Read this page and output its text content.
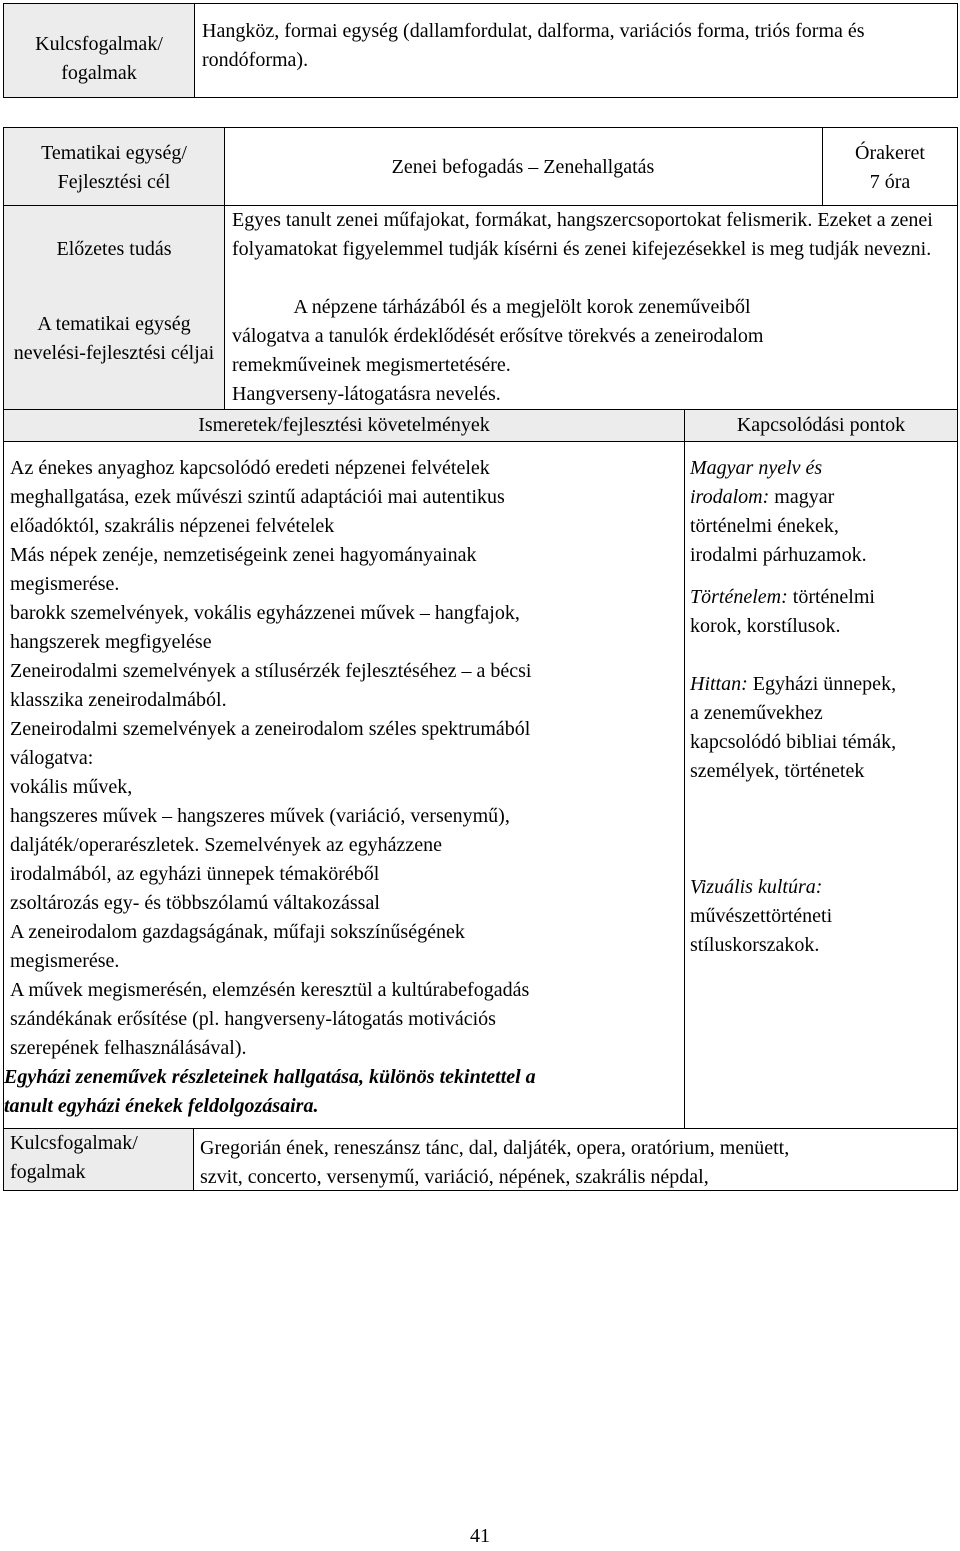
Kulcsfogalmak/ fogalmak
Hangköz, formai egység (dallamfordulat, dalforma, variációs forma, triós forma és rondóforma).
Tematikai egység/ Fejlesztési cél
Zenei befogadás – Zenehallgatás
Órakeret
7 óra
Előzetes tudás
Egyes tanult zenei műfajokat, formákat, hangszercsoportokat felismerik. Ezeket a zenei folyamatokat figyelemmel tudják kísérni és zenei kifejezésekkel is meg tudják nevezni.
A tematikai egység nevelési-fejlesztési céljai
A népzene tárházából és a megjelölt korok zeneműveiből
válogatva a tanulók érdeklődését erősítve törekvés a zeneirodalom
remekműveinek megismertetésére.
Hangverseny-látogatásra nevelés.
Ismeretek/fejlesztési követelmények	Kapcsolódási pontok
Az énekes anyaghoz kapcsolódó eredeti népzenei felvételek
meghallgatása, ezek művészi szintű adaptációi mai autentikus
előadóktól, szakrális népzenei felvételek
Más népek zenéje, nemzetiségeink zenei hagyományainak
megismerése.
barokk szemelvények, vokális egyházzenei művek – hangfajok,
hangszerek megfigyelése
Zeneirodalmi szemelvények a stílusérzék fejlesztéséhez – a bécsi
klasszika zeneirodalmából.
Zeneirodalmi szemelvények a zeneirodalom széles spektrumából
válogatva:
vokális művek,
hangszeres művek – hangszeres művek (variáció, versenymű),
daljáték/operarészletek. Szemelvények az egyházzene
irodalmából, az egyházi ünnepek témaköréből
zsoltározás egy- és többszólamú váltakozással
A zeneirodalom gazdagságának, műfaji sokszínűségének
megismerése.
A művek megismerésén, elemzésén keresztül a kultúrabefogadás
szándékának erősítése (pl. hangverseny-látogatás motivációs
szerepének felhasználásával).
Egyházi zeneművek részleteinek hallgatása, különös tekintettel a
tanult egyházi énekek feldolgozásaira.
Magyar nyelv és
irodalom: magyar
történelmi énekek,
irodalmi párhuzamok.
Történelem: történelmi
korok, korstílusok.
Hittan: Egyházi ünnepek,
a zeneművekhez
kapcsolódó bibliai témák,
személyek, történetek
Vizuális kultúra:
művészettörténeti
stíluskorszakok.
Kulcsfogalmak/ fogalmak
Gregorián ének, reneszánsz tánc, dal, daljáték, opera, oratórium, menüett,
szvit, concerto, versenymű, variáció, népének, szakrális népdal,
41
